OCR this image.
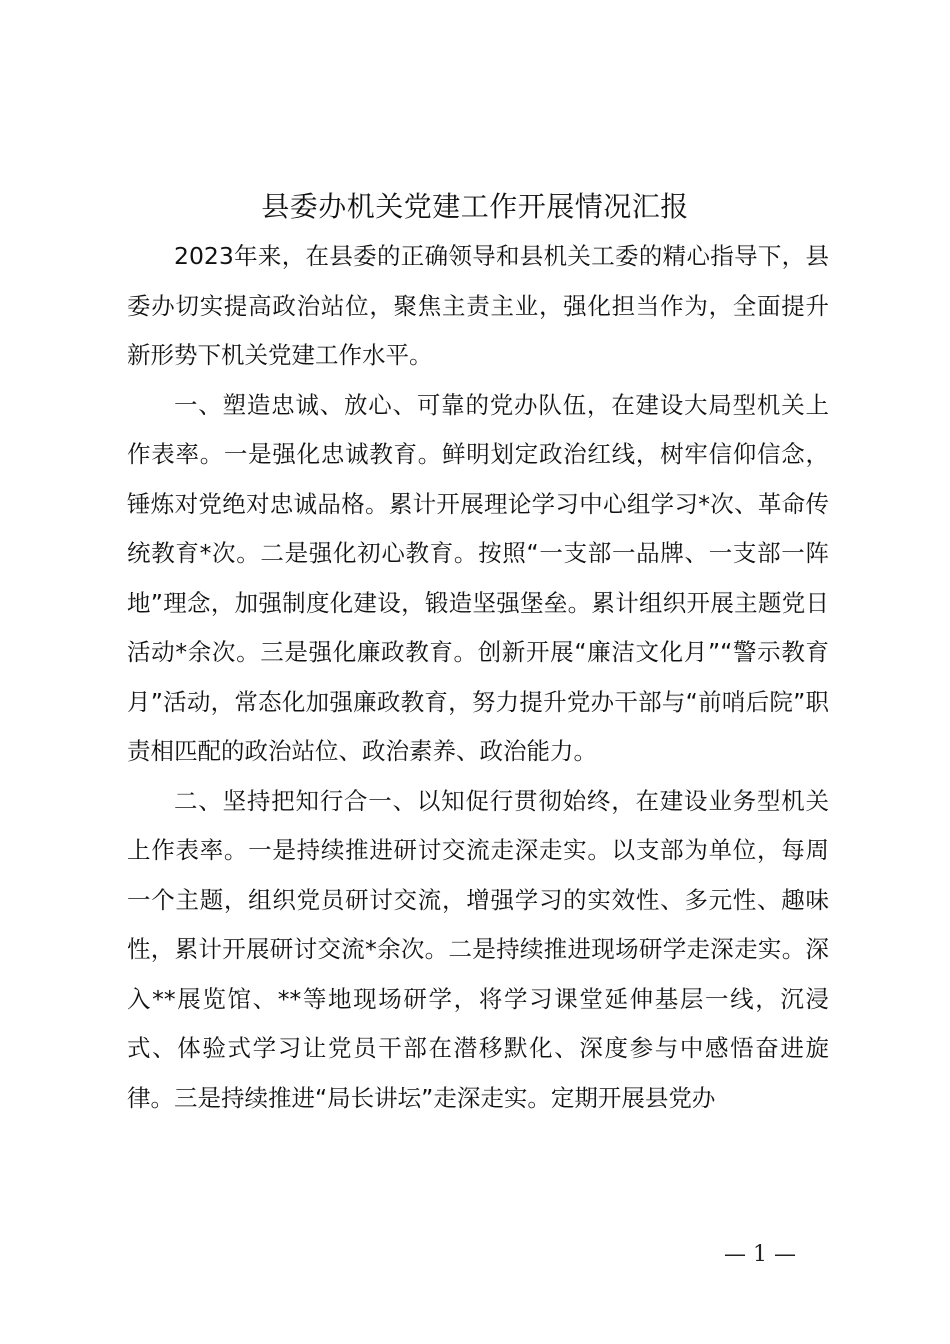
县委办机关党建工作开展情况汇报

2023年来，在县委的正确领导和县机关工委的精心指导下，县委办切实提高政治站位，聚焦主责主业，强化担当作为，全面提升新形势下机关党建工作水平。

一、塑造忠诚、放心、可靠的党办队伍，在建设大局型机关上作表率。一是强化忠诚教育。鲜明划定政治红线，树牢信仰信念，锤炼对党绝对忠诚品格。累计开展理论学习中心组学习*次、革命传统教育*次。二是强化初心教育。按照“一支部一品牌、一支部一阵地”理念，加强制度化建设，锻造坚强堡垒。累计组织开展主题党日活动*余次。三是强化廉政教育。创新开展“廉洁文化月”“警示教育月”活动，常态化加强廉政教育，努力提升党办干部与“前哨后院”职责相匹配的政治站位、政治素养、政治能力。

二、坚持把知行合一、以知促行贯彻始终，在建设业务型机关上作表率。一是持续推进研讨交流走深走实。以支部为单位，每周一个主题，组织党员研讨交流，增强学习的实效性、多元性、趣味性，累计开展研讨交流*余次。二是持续推进现场研学走深走实。深入**展览馆、**等地现场研学，将学习课堂延伸基层一线，沉浸式、体验式学习让党员干部在潜移默化、深度参与中感悟奋进旋律。三是持续推进“局长讲坛”走深走实。定期开展县党办

— 1 —
